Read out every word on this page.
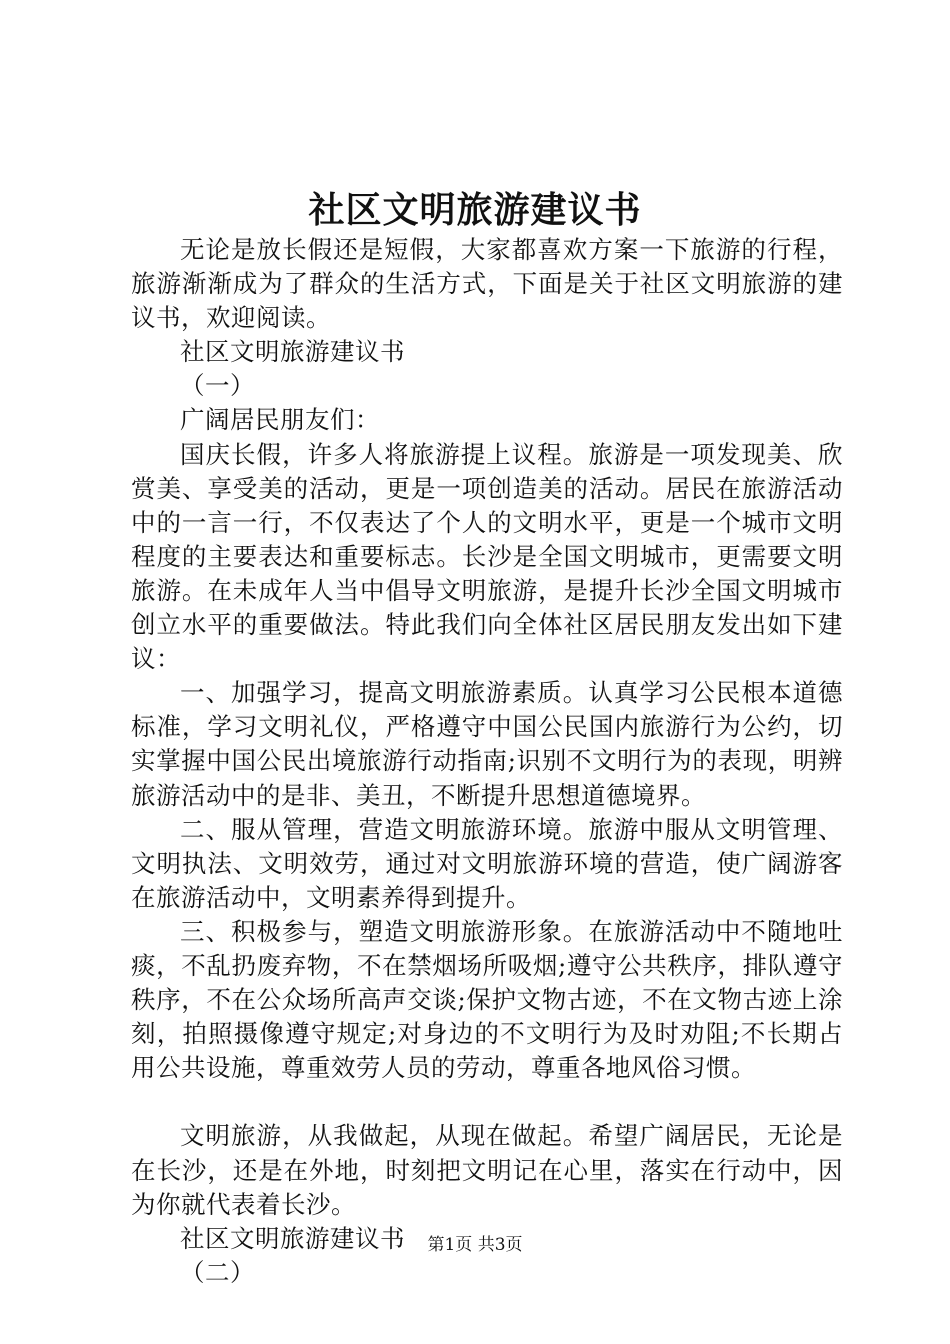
社区文明旅游建议书

无论是放长假还是短假，大家都喜欢方案一下旅游的行程，旅游渐渐成为了群众的生活方式，下面是关于社区文明旅游的建议书，欢迎阅读。

社区文明旅游建议书

（一）

广阔居民朋友们：

国庆长假，许多人将旅游提上议程。旅游是一项发现美、欣赏美、享受美的活动，更是一项创造美的活动。居民在旅游活动中的一言一行，不仅表达了个人的文明水平，更是一个城市文明程度的主要表达和重要标志。长沙是全国文明城市，更需要文明旅游。在未成年人当中倡导文明旅游，是提升长沙全国文明城市创立水平的重要做法。特此我们向全体社区居民朋友发出如下建议：

一、加强学习，提高文明旅游素质。认真学习公民根本道德标准，学习文明礼仪，严格遵守中国公民国内旅游行为公约，切实掌握中国公民出境旅游行动指南;识别不文明行为的表现，明辨旅游活动中的是非、美丑，不断提升思想道德境界。

二、服从管理，营造文明旅游环境。旅游中服从文明管理、文明执法、文明效劳，通过对文明旅游环境的营造，使广阔游客在旅游活动中，文明素养得到提升。

三、积极参与，塑造文明旅游形象。在旅游活动中不随地吐痰，不乱扔废弃物，不在禁烟场所吸烟;遵守公共秩序，排队遵守秩序，不在公众场所高声交谈;保护文物古迹，不在文物古迹上涂刻，拍照摄像遵守规定;对身边的不文明行为及时劝阻;不长期占用公共设施，尊重效劳人员的劳动，尊重各地风俗习惯。

文明旅游，从我做起，从现在做起。希望广阔居民，无论是在长沙，还是在外地，时刻把文明记在心里，落实在行动中，因为你就代表着长沙。

社区文明旅游建议书

（二）

第1页 共3页
